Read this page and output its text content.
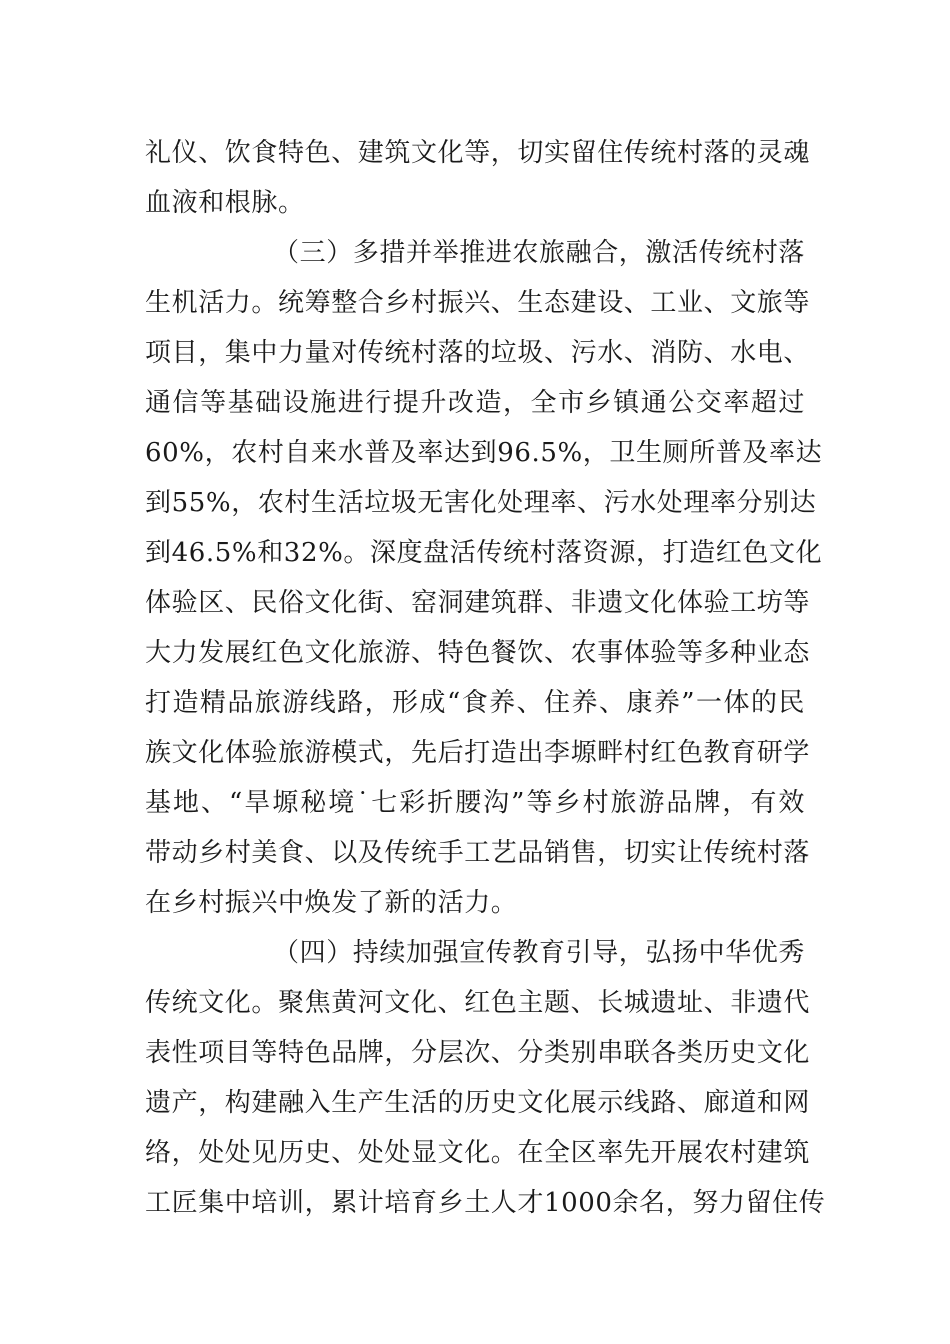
礼仪、饮食特色、建筑文化等，切实留住传统村落的灵魂
血液和根脉。
（三）多措并举推进农旅融合，激活传统村落
生机活力。统筹整合乡村振兴、生态建设、工业、文旅等
项目，集中力量对传统村落的垃圾、污水、消防、水电、
通信等基础设施进行提升改造，全市乡镇通公交率超过
60%，农村自来水普及率达到96.5%，卫生厕所普及率达
到55%，农村生活垃圾无害化处理率、污水处理率分别达
到46.5%和32%。深度盘活传统村落资源，打造红色文化
体验区、民俗文化街、窑洞建筑群、非遗文化体验工坊等
大力发展红色文化旅游、特色餐饮、农事体验等多种业态
打造精品旅游线路，形成“食养、住养、康养”一体的民
族文化体验旅游模式，先后打造出李塬畔村红色教育研学
基地、“旱塬秘境˙七彩折腰沟”等乡村旅游品牌，有效
带动乡村美食、以及传统手工艺品销售，切实让传统村落
在乡村振兴中焕发了新的活力。
（四）持续加强宣传教育引导，弘扬中华优秀
传统文化。聚焦黄河文化、红色主题、长城遗址、非遗代
表性项目等特色品牌，分层次、分类别串联各类历史文化
遗产，构建融入生产生活的历史文化展示线路、廊道和网
络，处处见历史、处处显文化。在全区率先开展农村建筑
工匠集中培训，累计培育乡土人才1000余名，努力留住传
